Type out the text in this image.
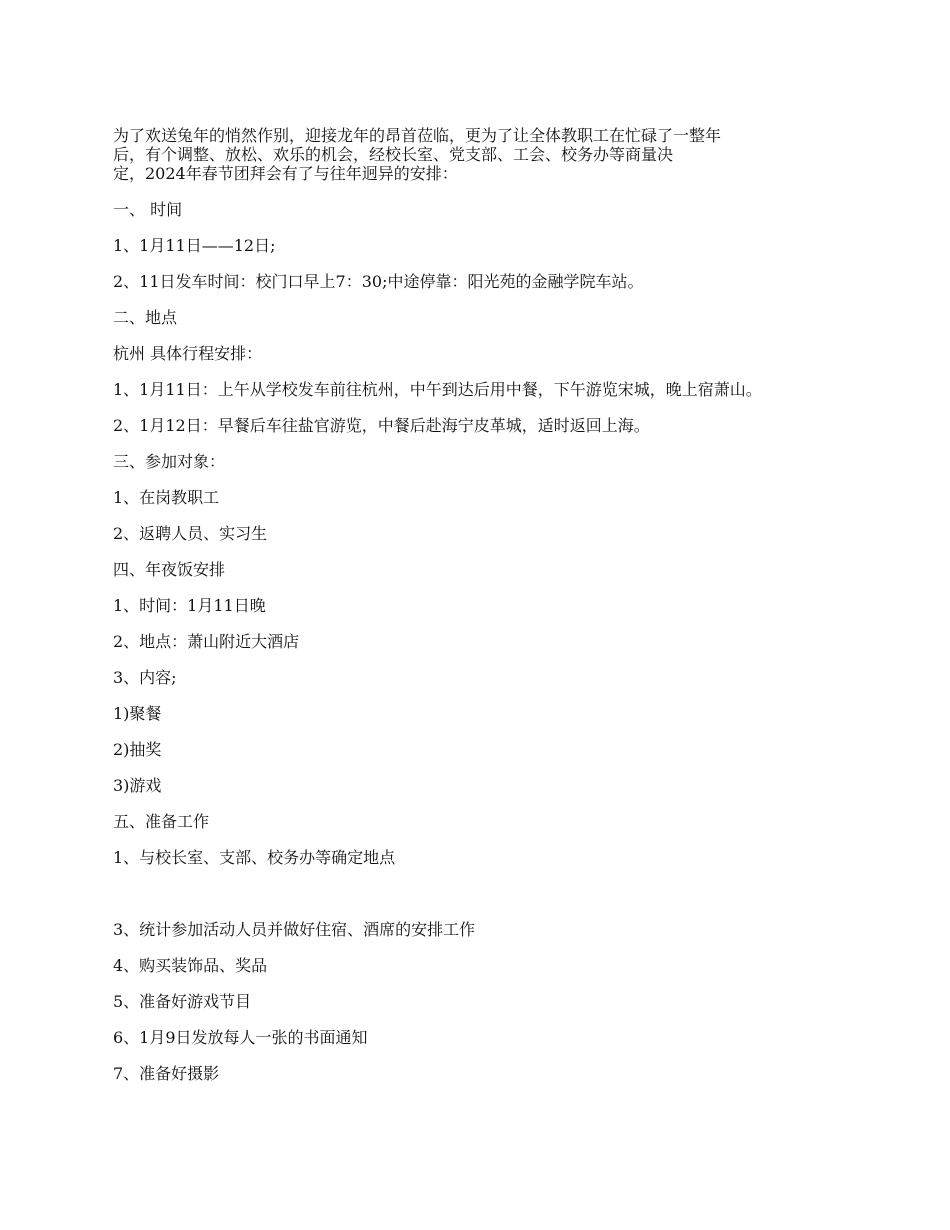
为了欢送兔年的悄然作别，迎接龙年的昂首莅临，更为了让全体教职工在忙碌了一整年
后，有个调整、放松、欢乐的机会，经校长室、党支部、工会、校务办等商量决
定，2024年春节团拜会有了与往年迥异的安排：
一、 时间
1、1月11日——12日;
2、11日发车时间：校门口早上7：30;中途停靠：阳光苑的金融学院车站。
二、地点
杭州 具体行程安排：
1、1月11日：上午从学校发车前往杭州，中午到达后用中餐，下午游览宋城，晚上宿萧山。
2、1月12日：早餐后车往盐官游览，中餐后赴海宁皮革城，适时返回上海。
三、参加对象：
1、在岗教职工
2、返聘人员、实习生
四、年夜饭安排
1、时间：1月11日晚
2、地点：萧山附近大酒店
3、内容;
1)聚餐
2)抽奖
3)游戏
五、准备工作
1、与校长室、支部、校务办等确定地点
3、统计参加活动人员并做好住宿、酒席的安排工作
4、购买装饰品、奖品
5、准备好游戏节目
6、1月9日发放每人一张的书面通知
7、准备好摄影
